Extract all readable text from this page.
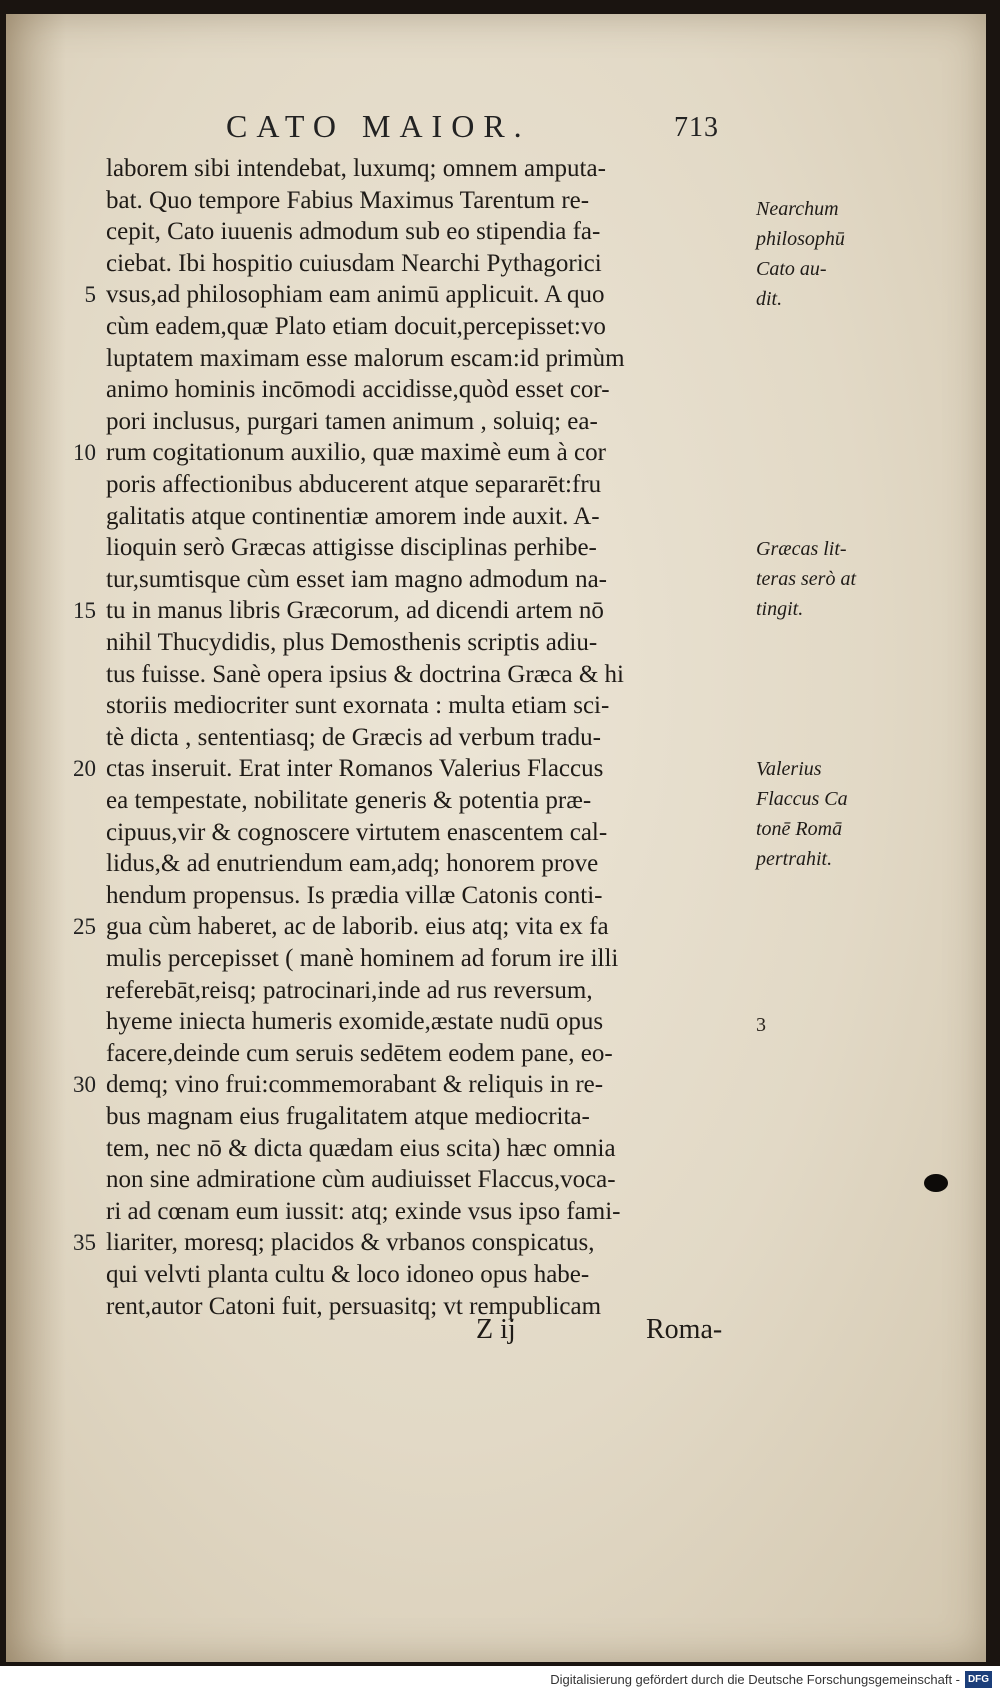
CATO MAIOR.	713
laborem sibi intendebat, luxumq; omnem amputa-
bat. Quo tempore Fabius Maximus Tarentum re-
cepit, Cato iuuenis admodum sub eo stipendia fa-
ciebat. Ibi hospitio cuiusdam Nearchi Pythagorici
vsus,ad philosophiam eam animū applicuit. A quo
5
cùm eadem,quæ Plato etiam docuit,percepisset:vo
luptatem maximam esse malorum escam:id primùm
animo hominis incōmodi accidisse,quòd esset cor-
pori inclusus, purgari tamen animum , soluiq; ea-
rum cogitationum auxilio, quæ maximè eum à cor
10
poris affectionibus abducerent atque separarēt:fru
galitatis atque continentiæ amorem inde auxit. A-
lioquin serò Græcas attigisse disciplinas perhibe-
tur,sumtisque cùm esset iam magno admodum na-
tu in manus libris Græcorum, ad dicendi artem nō
15
nihil Thucydidis, plus Demosthenis scriptis adiu-
tus fuisse. Sanè opera ipsius & doctrina Græca & hi
storiis mediocriter sunt exornata : multa etiam sci-
tè dicta , sententiasq; de Græcis ad verbum tradu-
ctas inseruit. Erat inter Romanos Valerius Flaccus
20
ea tempestate, nobilitate generis & potentia præ-
cipuus,vir & cognoscere virtutem enascentem cal-
lidus,& ad enutriendum eam,adq; honorem prove
hendum propensus. Is prædia villæ Catonis conti-
gua cùm haberet, ac de laborib. eius atq; vita ex fa
25
mulis percepisset ( manè hominem ad forum ire illi
referebāt,reisq; patrocinari,inde ad rus reversum,
hyeme iniecta humeris exomide,æstate nudū opus
facere,deinde cum seruis sedētem eodem pane, eo-
demq; vino frui:commemorabant & reliquis in re-
30
bus magnam eius frugalitatem atque mediocrita-
tem, nec nō & dicta quædam eius scita) hæc omnia
non sine admiratione cùm audiuisset Flaccus,voca-
ri ad cœnam eum iussit: atq; exinde vsus ipso fami-
liariter, moresq; placidos & vrbanos conspicatus,
35
qui velvti planta cultu & loco idoneo opus habe-
rent,autor Catoni fuit, persuasitq; vt rempublicam
Nearchum
philosophū
Cato au-
dit.
Græcas lit-
teras serò at
tingit.
Valerius
Flaccus Ca
tonē Romā
pertrahit.
3
Z ij	Roma-
Digitalisierung gefördert durch die Deutsche Forschungsgemeinschaft - DFG
